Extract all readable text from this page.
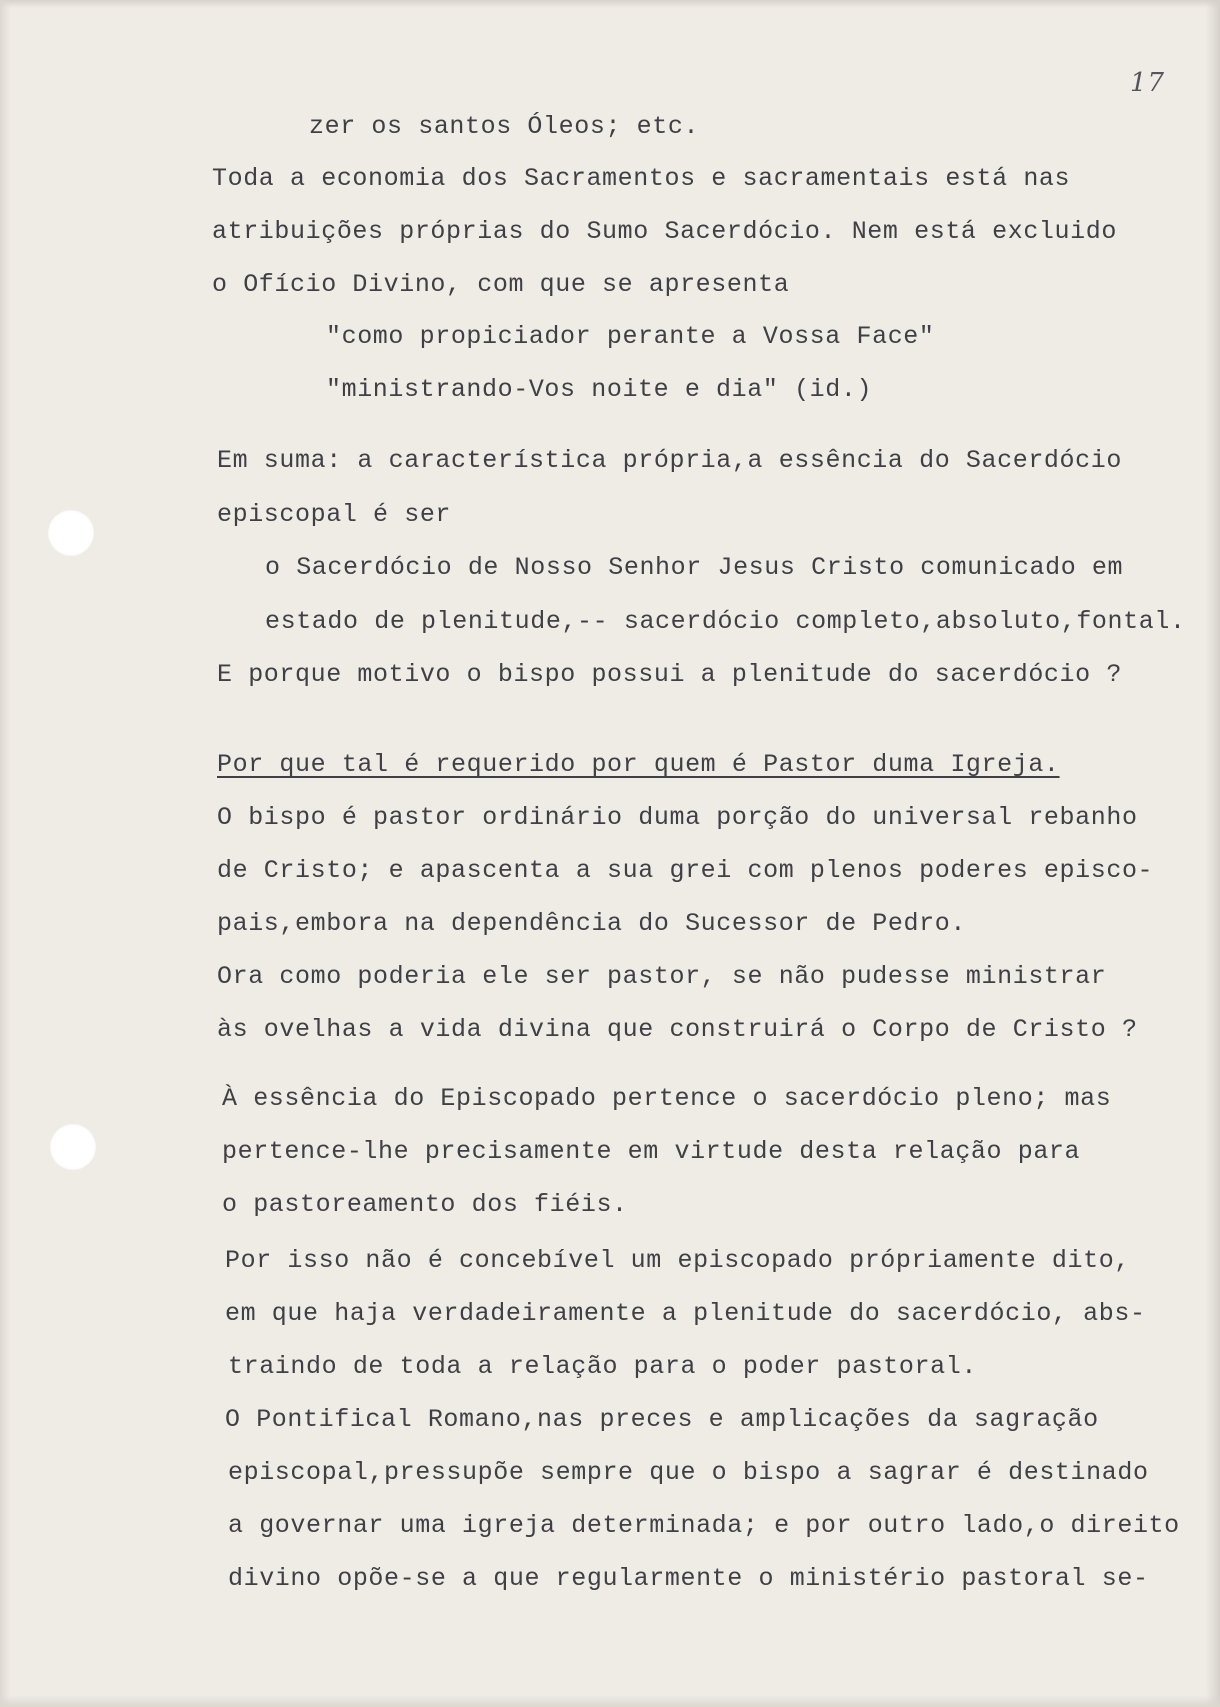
17

zer os santos Óleos; etc.

Toda a economia dos Sacramentos e sacramentais está nas

atribuições próprias do Sumo Sacerdócio. Nem está excluido

o Ofício Divino, com que se apresenta

"como propiciador perante a Vossa Face"

"ministrando-Vos noite e dia" (id.)

Em suma: a característica própria,a essência do Sacerdócio

episcopal é ser

o Sacerdócio de Nosso Senhor Jesus Cristo comunicado em

estado de plenitude,-- sacerdócio completo,absoluto,fontal.

E porque motivo o bispo possui a plenitude do sacerdócio ?

Por que tal é requerido por quem é Pastor duma Igreja.

O bispo é pastor ordinário duma porção do universal rebanho

de Cristo; e apascenta a sua grei com plenos poderes episco-

pais,embora na dependência do Sucessor de Pedro.

Ora como poderia ele ser pastor, se não pudesse ministrar

às ovelhas a vida divina que construirá o Corpo de Cristo ?

À essência do Episcopado pertence o sacerdócio pleno; mas

pertence-lhe precisamente em virtude desta relação para

o pastoreamento dos fiéis.

Por isso não é concebível um episcopado própriamente dito,

em que haja verdadeiramente a plenitude do sacerdócio, abs-

traindo de toda a relação para o poder pastoral.

O Pontifical Romano,nas preces e amplicações da sagração

episcopal,pressupõe sempre que o bispo a sagrar é destinado

a governar uma igreja determinada; e por outro lado,o direito

divino opõe-se a que regularmente o ministério pastoral se-
